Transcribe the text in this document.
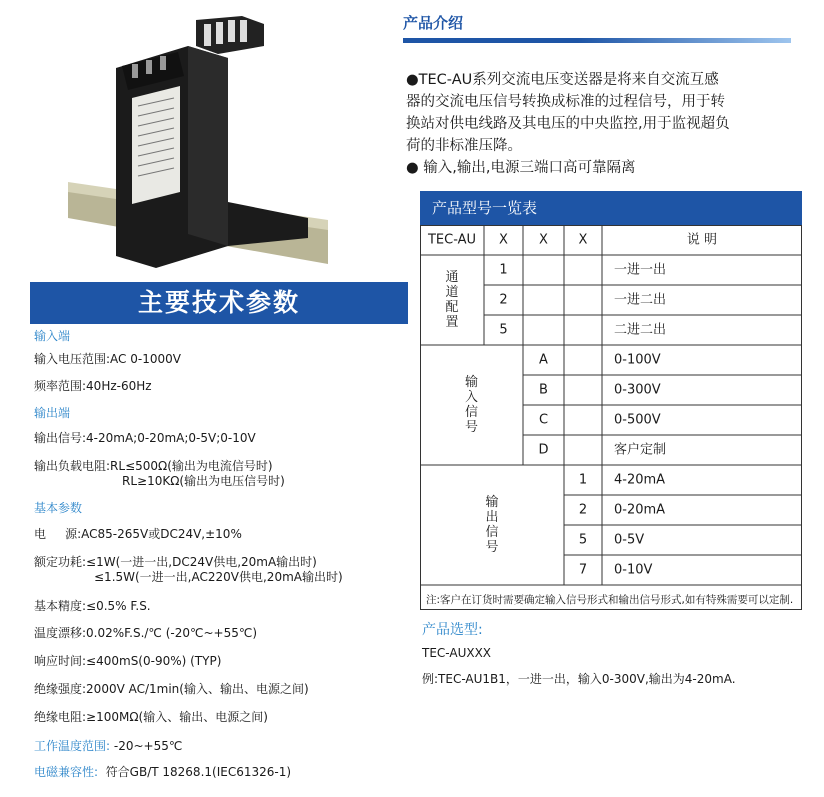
主要技术参数
输入端
输入电压范围:AC 0-1000V
频率范围:40Hz-60Hz
输出端
输出信号:4-20mA;0-20mA;0-5V;0-10V
输出负载电阻:RL≤500Ω(输出为电流信号时)
RL≥10KΩ(输出为电压信号时)
基本参数
电     源:AC85-265V或DC24V,±10%
额定功耗:≤1W(一进一出,DC24V供电,20mA输出时)
≤1.5W(一进一出,AC220V供电,20mA输出时)
基本精度:≤0.5% F.S.
温度漂移:0.02%F.S./℃ (-20℃~+55℃)
响应时间:≤400mS(0-90%) (TYP)
绝缘强度:2000V AC/1min(输入、输出、电源之间)
绝缘电阻:≥100MΩ(输入、输出、电源之间)
工作温度范围: -20~+55℃
电磁兼容性:  符合GB/T 18268.1(IEC61326-1)
产品介绍
●TEC-AU系列交流电压变送器是将来自交流互感
器的交流电压信号转换成标准的过程信号，用于转
换站对供电线路及其电压的中央监控,用于监视超负
荷的非标准压降。
● 输入,输出,电源三端口高可靠隔离
产品型号一览表
TEC-AU X X X	说 明
通
道
配
置
1	一进一出
2	一进二出
5	二进二出
输
入
信
号
A	0-100V
B	0-300V
C	0-500V
D	客户定制
输
出
信
号
1 4-20mA
2 0-20mA
5 0-5V
7 0-10V
注:客户在订货时需要确定输入信号形式和输出信号形式,如有特殊需要可以定制.
产品选型:
TEC-AUXXX
例:TEC-AU1B1，一进一出，输入0-300V,输出为4-20mA.
